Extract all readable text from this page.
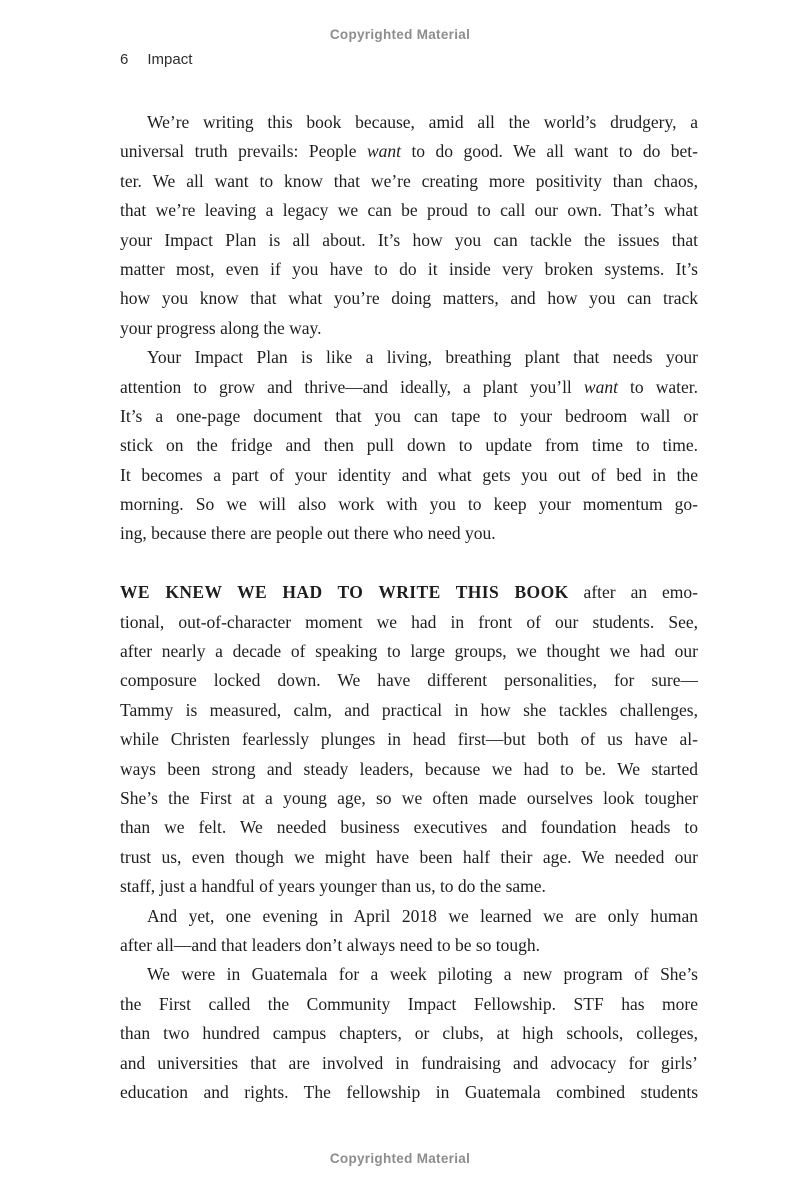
Copyrighted Material
6 Impact
We’re writing this book because, amid all the world’s drudgery, a
universal truth prevails: People want to do good. We all want to do bet-
ter. We all want to know that we’re creating more positivity than chaos,
that we’re leaving a legacy we can be proud to call our own. That’s what
your Impact Plan is all about. It’s how you can tackle the issues that
matter most, even if you have to do it inside very broken systems. It’s
how you know that what you’re doing matters, and how you can track
your progress along the way.
Your Impact Plan is like a living, breathing plant that needs your
attention to grow and thrive—and ideally, a plant you’ll want to water.
It’s a one-page document that you can tape to your bedroom wall or
stick on the fridge and then pull down to update from time to time.
It becomes a part of your identity and what gets you out of bed in the
morning. So we will also work with you to keep your momentum go-
ing, because there are people out there who need you.
WE KNEW WE HAD TO WRITE THIS BOOK after an emo-
tional, out-of-character moment we had in front of our students. See,
after nearly a decade of speaking to large groups, we thought we had our
composure locked down. We have different personalities, for sure—
Tammy is measured, calm, and practical in how she tackles challenges,
while Christen fearlessly plunges in head first—but both of us have al-
ways been strong and steady leaders, because we had to be. We started
She’s the First at a young age, so we often made ourselves look tougher
than we felt. We needed business executives and foundation heads to
trust us, even though we might have been half their age. We needed our
staff, just a handful of years younger than us, to do the same.
And yet, one evening in April 2018 we learned we are only human
after all—and that leaders don’t always need to be so tough.
We were in Guatemala for a week piloting a new program of She’s
the First called the Community Impact Fellowship. STF has more
than two hundred campus chapters, or clubs, at high schools, colleges,
and universities that are involved in fundraising and advocacy for girls’
education and rights. The fellowship in Guatemala combined students
Copyrighted Material
